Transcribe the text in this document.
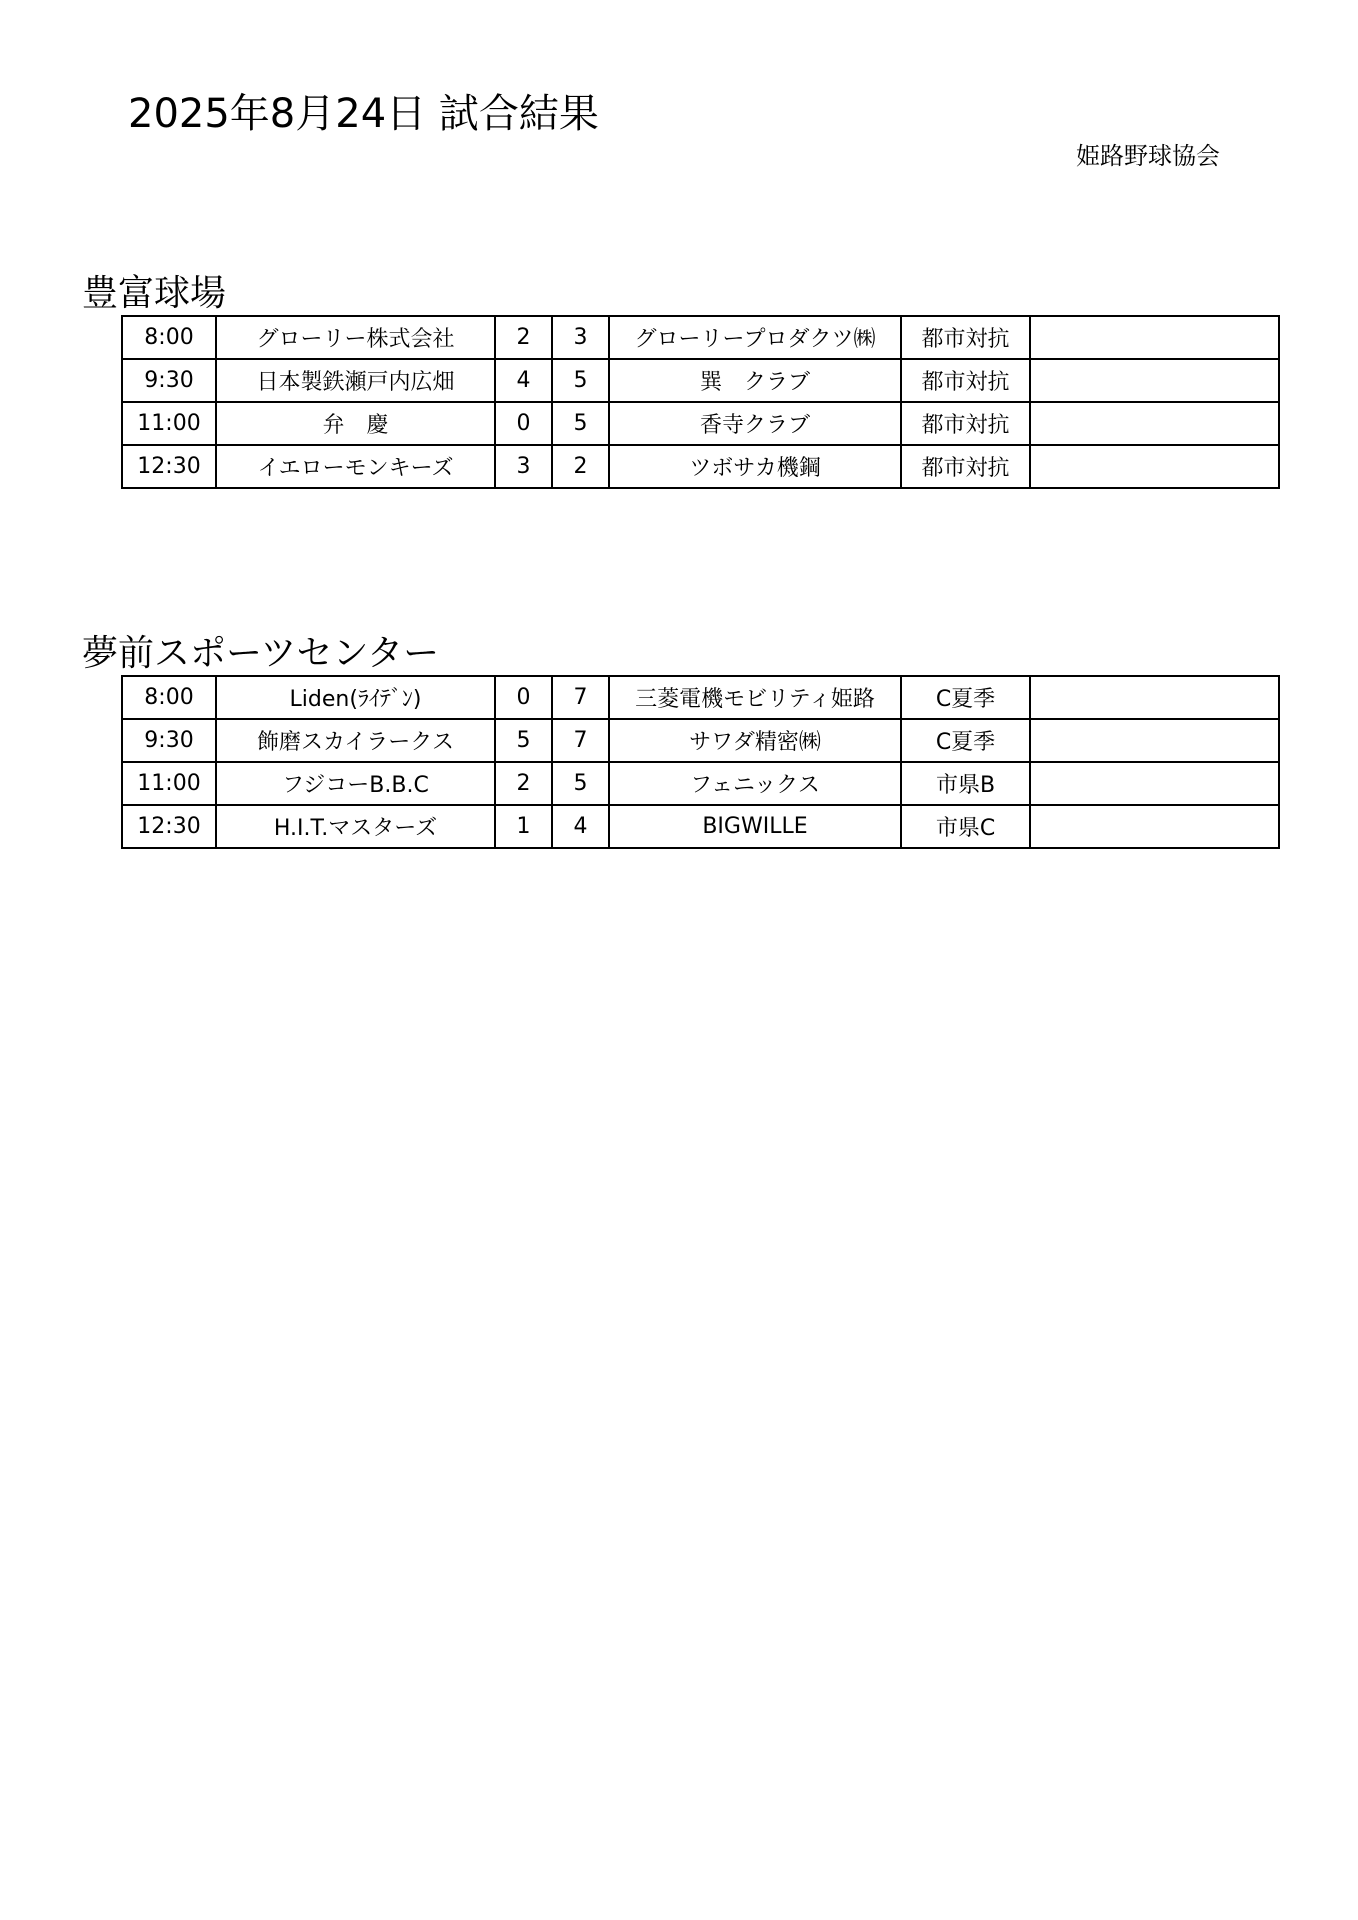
2025年8月24日 試合結果
姫路野球協会
豊富球場
8:00	グローリー株式会社	2	3	グローリープロダクツ㈱	都市対抗	
9:30	日本製鉄瀬戸内広畑	4	5	巽　クラブ	都市対抗	
11:00	弁　慶	0	5	香寺クラブ	都市対抗	
12:30	イエローモンキーズ	3	2	ツボサカ機鋼	都市対抗	
夢前スポーツセンター
8:00	Liden(ﾗｲﾃﾞﾝ)	0	7	三菱電機モビリティ姫路	C夏季	
9:30	飾磨スカイラークス	5	7	サワダ精密㈱	C夏季	
11:00	フジコーB.B.C	2	5	フェニックス	市県B	
12:30	H.I.T.マスターズ	1	4	BIGWILLE	市県C	
